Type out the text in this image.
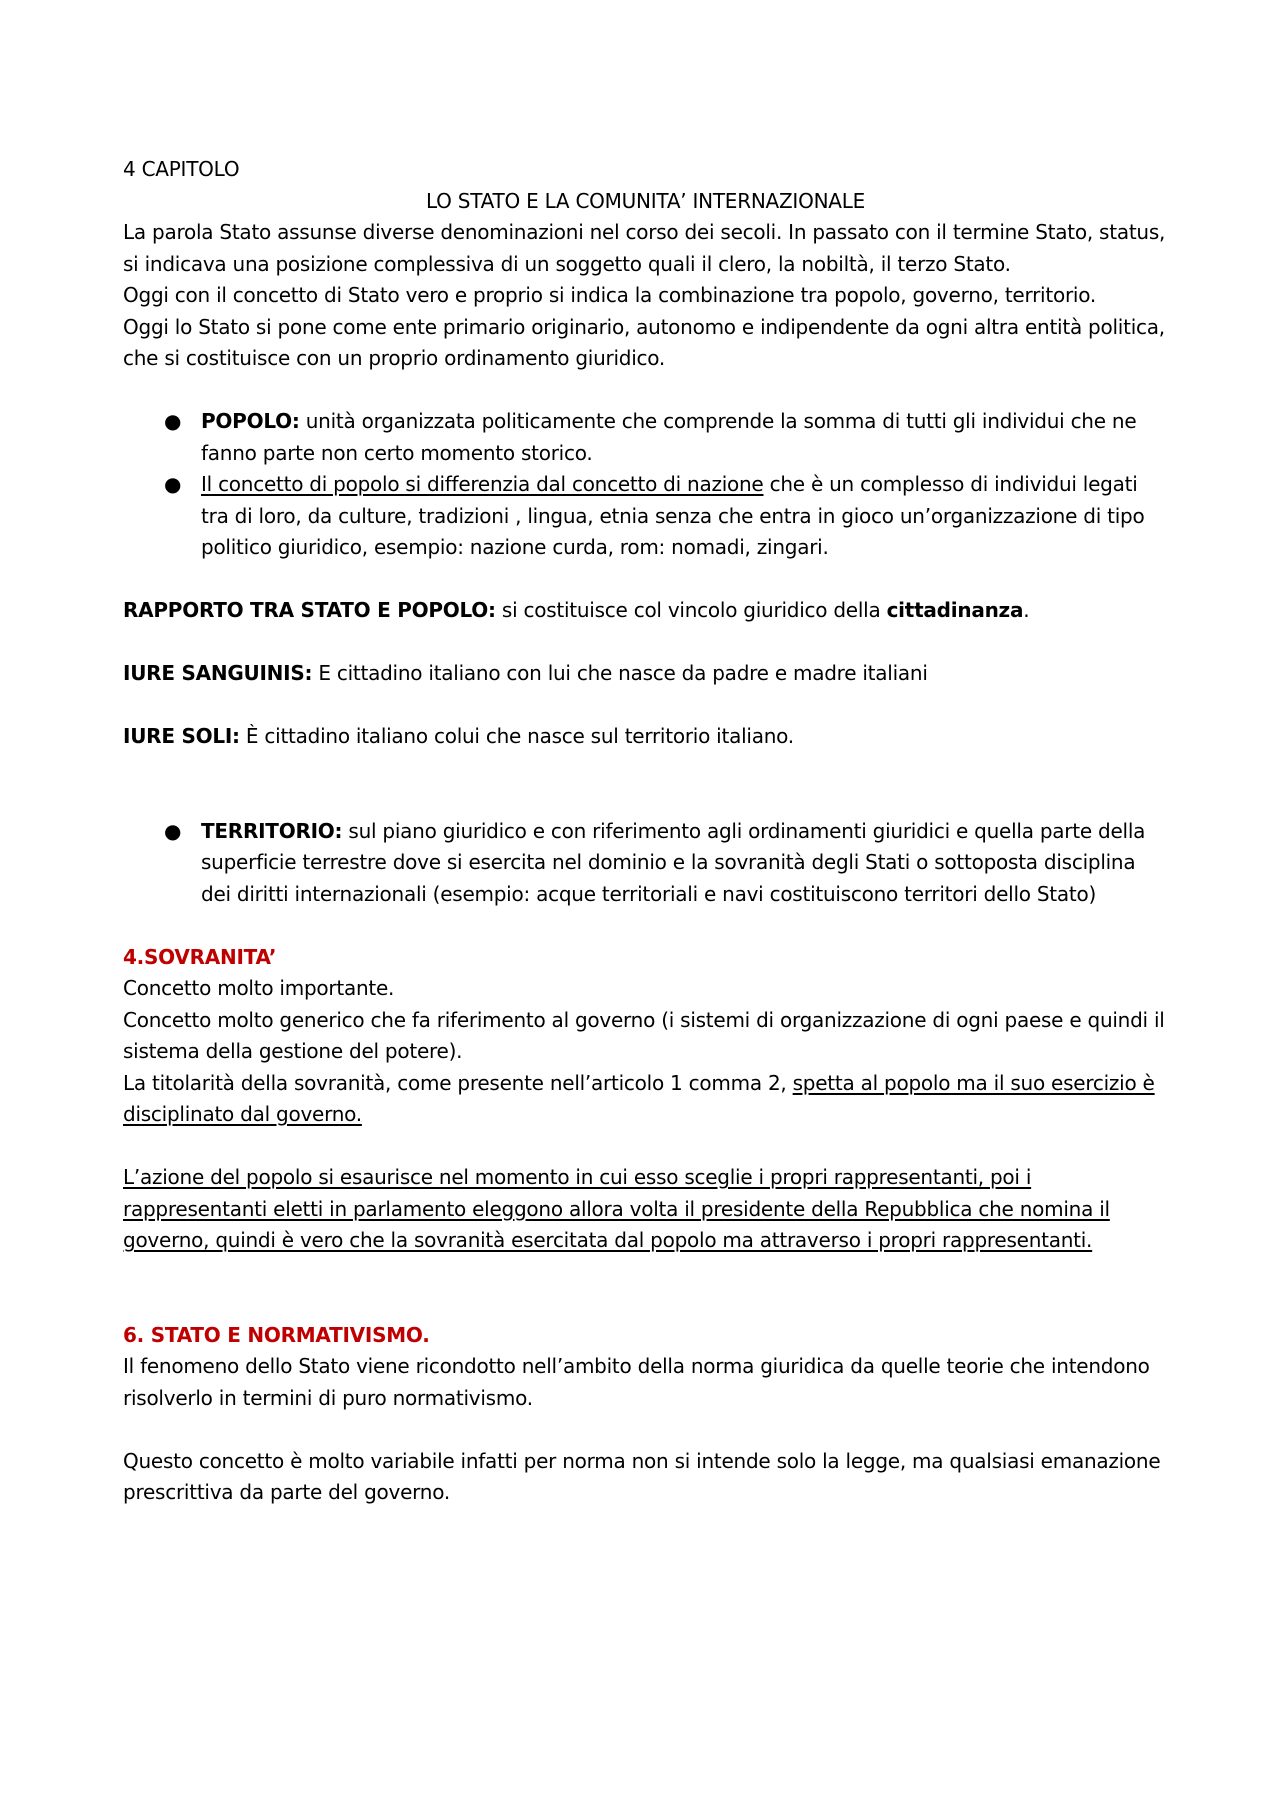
4 CAPITOLO

LO STATO E LA COMUNITA’ INTERNAZIONALE

La parola Stato assunse diverse denominazioni nel corso dei secoli. In passato con il termine Stato, status, si indicava una posizione complessiva di un soggetto quali il clero, la nobiltà, il terzo Stato.

Oggi con il concetto di Stato vero e proprio si indica la combinazione tra popolo, governo, territorio.

Oggi lo Stato si pone come ente primario originario, autonomo e indipendente da ogni altra entità politica, che si costituisce con un proprio ordinamento giuridico.

● POPOLO: unità organizzata politicamente che comprende la somma di tutti gli individui che ne fanno parte non certo momento storico.
● Il concetto di popolo si differenzia dal concetto di nazione che è un complesso di individui legati tra di loro, da culture, tradizioni , lingua, etnia senza che entra in gioco un’organizzazione di tipo politico giuridico, esempio: nazione curda, rom: nomadi, zingari.

RAPPORTO TRA STATO E POPOLO: si costituisce col vincolo giuridico della cittadinanza.

IURE SANGUINIS: E cittadino italiano con lui che nasce da padre e madre italiani

IURE SOLI: È cittadino italiano colui che nasce sul territorio italiano.

● TERRITORIO: sul piano giuridico e con riferimento agli ordinamenti giuridici e quella parte della superficie terrestre dove si esercita nel dominio e la sovranità degli Stati o sottoposta disciplina dei diritti internazionali (esempio: acque territoriali e navi costituiscono territori dello Stato)

4.SOVRANITA’

Concetto molto importante.

Concetto molto generico che fa riferimento al governo (i sistemi di organizzazione di ogni paese e quindi il sistema della gestione del potere).

La titolarità della sovranità, come presente nell’articolo 1 comma 2, spetta al popolo ma il suo esercizio è disciplinato dal governo.

L’azione del popolo si esaurisce nel momento in cui esso sceglie i propri rappresentanti, poi i rappresentanti eletti in parlamento eleggono allora volta il presidente della Repubblica che nomina il governo, quindi è vero che la sovranità esercitata dal popolo ma attraverso i propri rappresentanti.

6. STATO E NORMATIVISMO.

Il fenomeno dello Stato viene ricondotto nell’ambito della norma giuridica da quelle teorie che intendono risolverlo in termini di puro normativismo.

Questo concetto è molto variabile infatti per norma non si intende solo la legge, ma qualsiasi emanazione prescrittiva da parte del governo.
